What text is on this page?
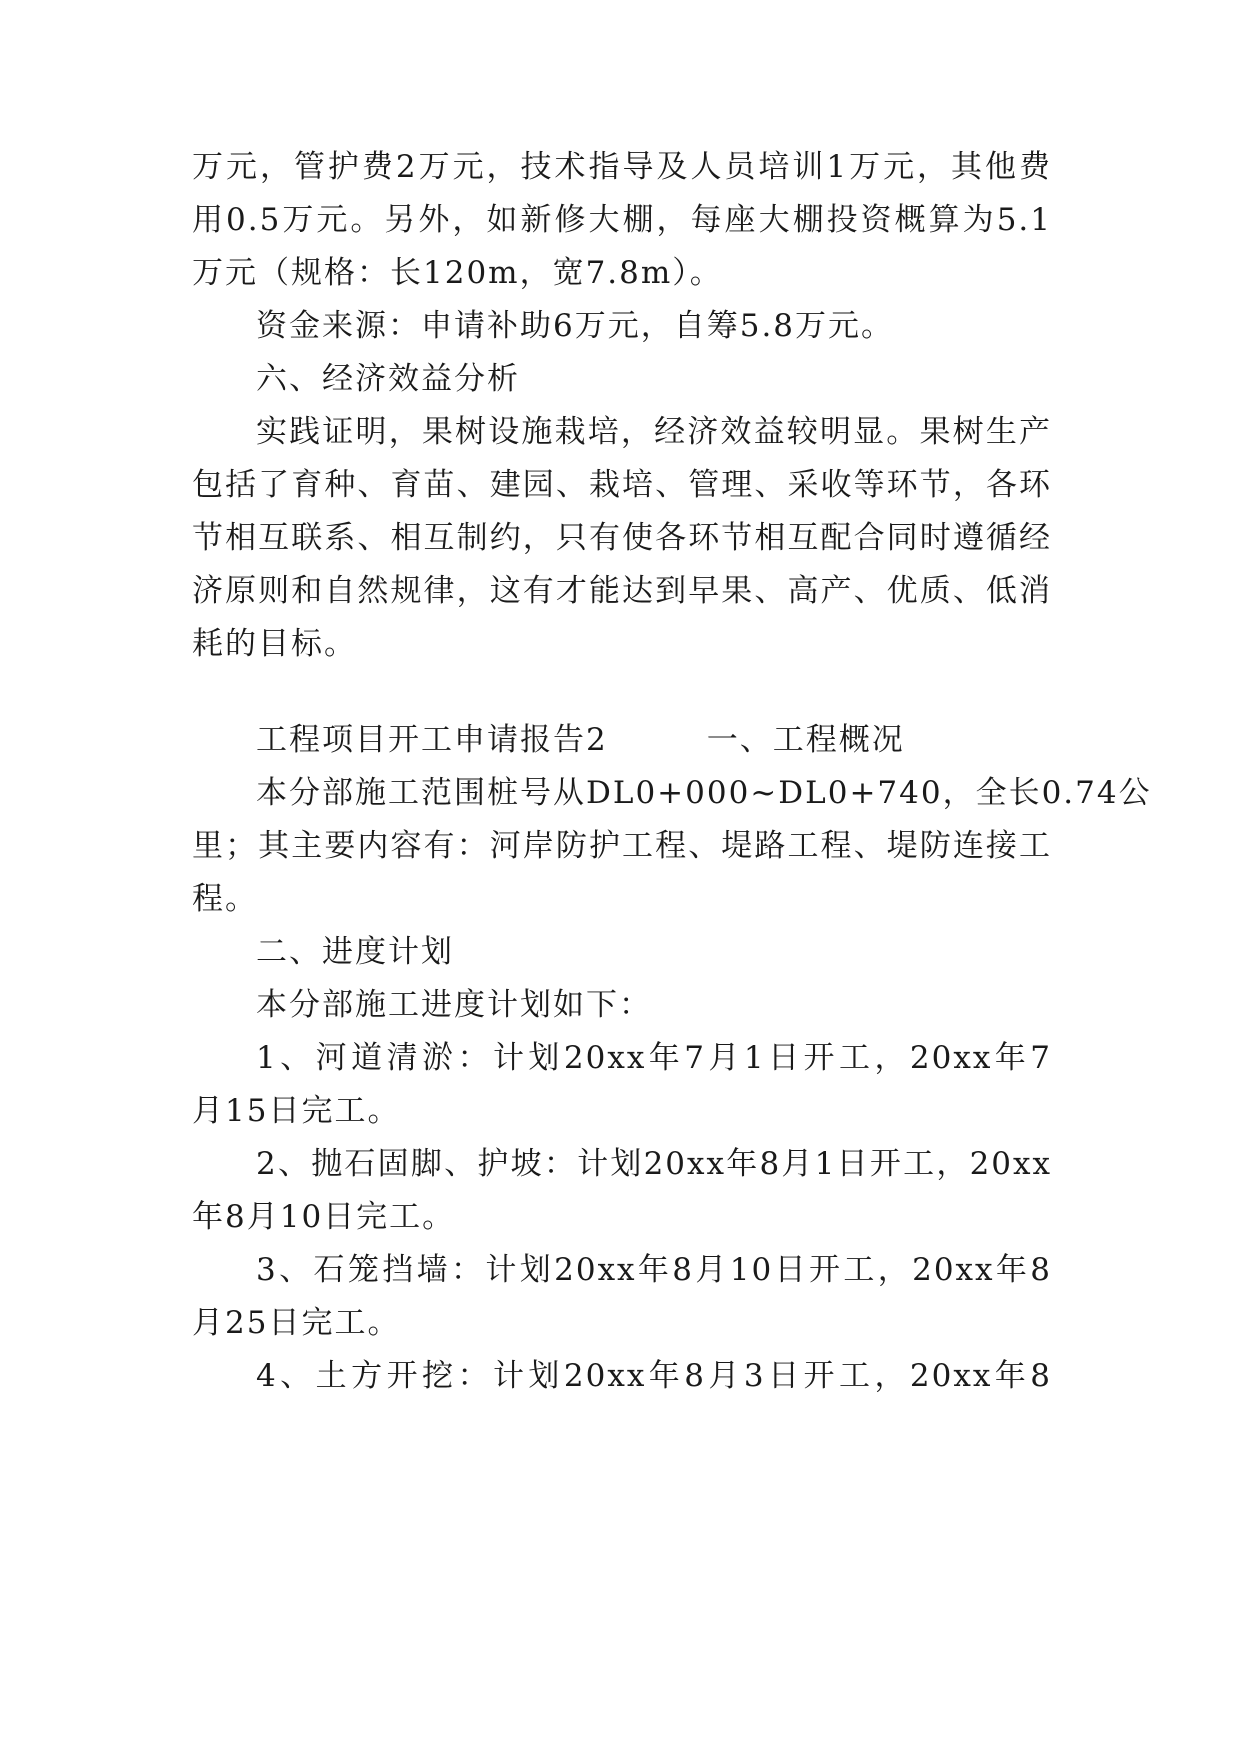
万元，管护费2万元，技术指导及人员培训1万元，其他费
用0.5万元。另外，如新修大棚，每座大棚投资概算为5.1
万元（规格：长120m，宽7.8m）。
资金来源：申请补助6万元，自筹5.8万元。
六、经济效益分析
实践证明，果树设施栽培，经济效益较明显。果树生产
包括了育种、育苗、建园、栽培、管理、采收等环节，各环
节相互联系、相互制约，只有使各环节相互配合同时遵循经
济原则和自然规律，这有才能达到早果、高产、优质、低消
耗的目标。
工程项目开工申请报告2　　　一、工程概况
本分部施工范围桩号从DL0+000~DL0+740，全长0.74公
里；其主要内容有：河岸防护工程、堤路工程、堤防连接工
程。
二、进度计划
本分部施工进度计划如下：
1、河道清淤：计划20xx年7月1日开工，20xx年7
月15日完工。
2、抛石固脚、护坡：计划20xx年8月1日开工，20xx
年8月10日完工。
3、石笼挡墙：计划20xx年8月10日开工，20xx年8
月25日完工。
4、土方开挖：计划20xx年8月3日开工，20xx年8
